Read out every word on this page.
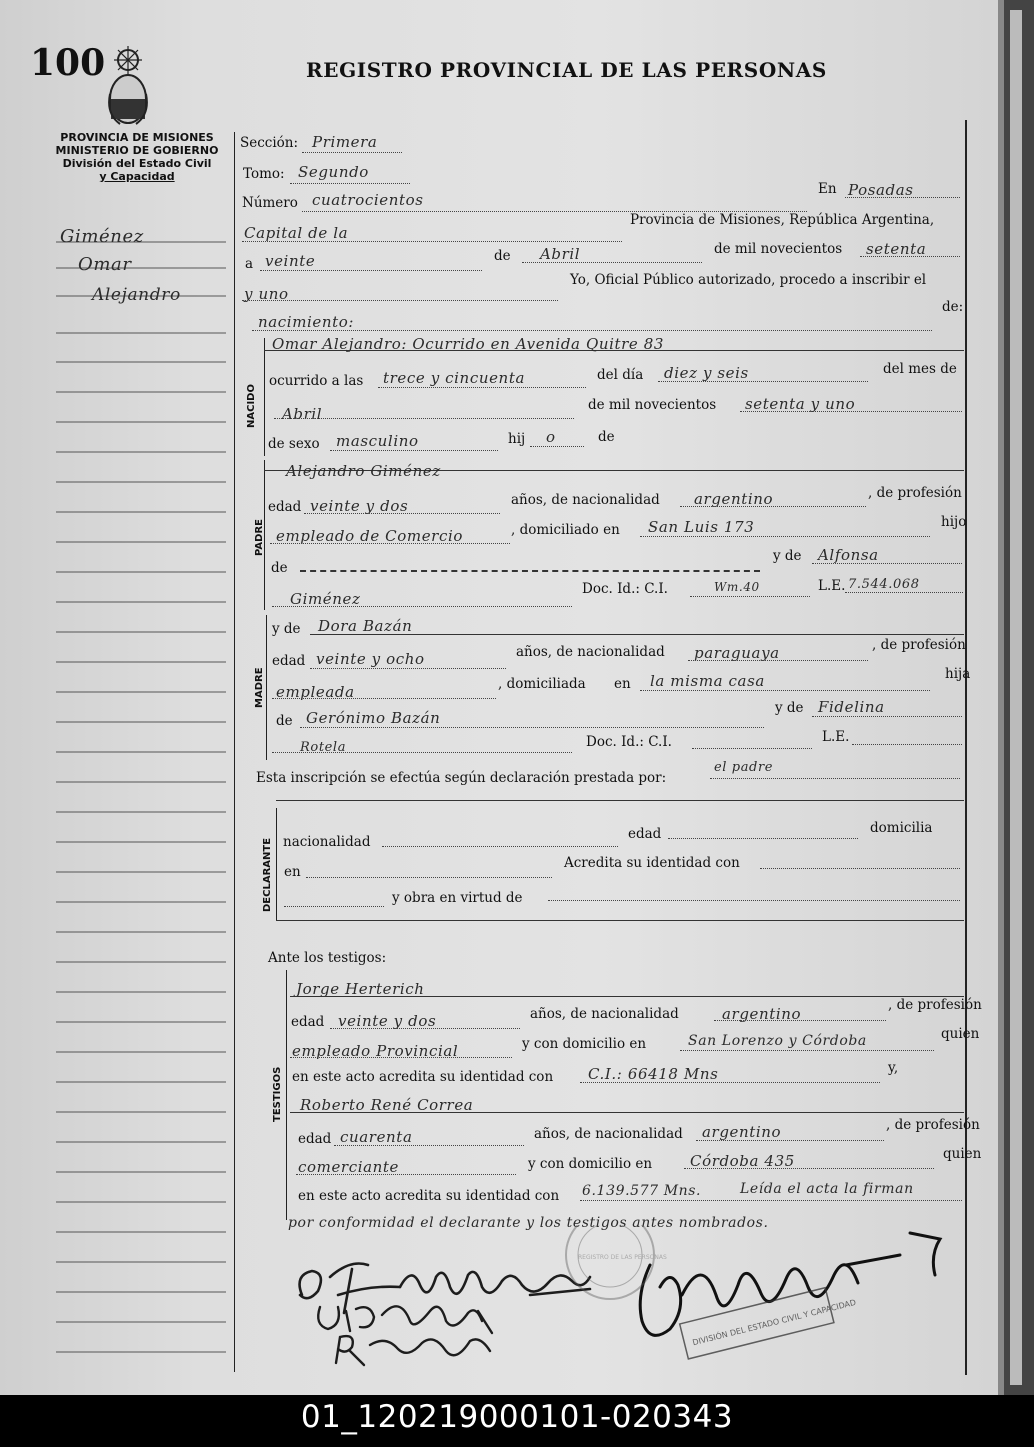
100	REGISTRO PROVINCIAL DE LAS PERSONAS
PROVINCIA DE MISIONES
MINISTERIO DE GOBIERNO
División del Estado Civil
y Capacidad
Giménez
Omar
Alejandro
Sección: Primera
Tomo: Segundo
Número cuatrocientos
En Posadas
Capital de la
Provincia de Misiones, República Argentina,
a veinte	de Abril	de mil novecientos setenta
y uno
Yo, Oficial Público autorizado, procedo a inscribir el
nacimiento:
de:
NACIDO
Omar Alejandro: Ocurrido en Avenida Quitre 83
ocurrido a las trece y cincuenta	del día diez y seis	del mes de
Abril	de mil novecientos setenta y uno
de sexo masculino	hij o	de
PADRE
Alejandro Giménez
edad veinte y dos	años, de nacionalidad argentino	, de profesión
empleado de Comercio	, domiciliado en San Luis 173	hijo
de
y de Alfonsa
Giménez
Doc. Id.: C.I.	Wm.40	L.E. 7.544.068
MADRE
y de Dora Bazán
edad veinte y ocho	años, de nacionalidad paraguaya	, de profesión
empleada	, domiciliada en la misma casa	hija
de Gerónimo Bazán
y de Fidelina
Rotela	Doc. Id.: C.I.	L.E.
Esta inscripción se efectúa según declaración prestada por:
el padre
DECLARANTE nacionalidad	edad	domicilia
en
Acredita su identidad con
y obra en virtud de
Ante los testigos:
TESTIGOS
Jorge Herterich
edad veinte y dos	años, de nacionalidad	argentino	, de profesión
empleado Provincial	y con domicilio en	San Lorenzo y Córdoba	quien
en este acto acredita su identidad con C.I.: 66418 Mns	y,
Roberto René Correa
edad cuarenta	años, de nacionalidad argentino	, de profesión
comerciante	y con domicilio en	Córdoba 435	quien
en este acto acredita su identidad con 6.139.577 Mns.	Leída el acta la firman
por conformidad el declarante y los testigos antes nombrados.
DIVISIÓN DEL ESTADO CIVIL Y CAPACIDAD
REGISTRO DE LAS PERSONAS
01_120219000101-020343
